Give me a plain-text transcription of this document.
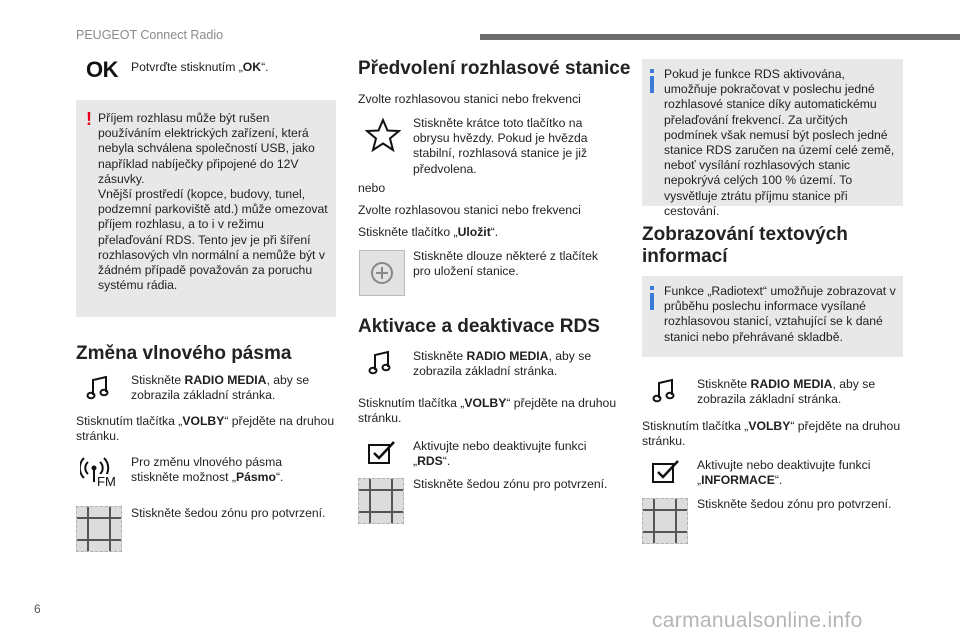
PEUGEOT Connect Radio
OK Potvrďte stisknutím „OK“.
! Příjem rozhlasu může být rušen používáním elektrických zařízení, která nebyla schválena společností USB, jako například nabíječky připojené do 12V zásuvky.
Vnější prostředí (kopce, budovy, tunel, podzemní parkoviště atd.) může omezovat příjem rozhlasu, a to i v režimu přelaďování RDS. Tento jev je při šíření rozhlasových vln normální a nemůže být v žádném případě považován za poruchu systému rádia.
Změna vlnového pásma
Stiskněte RADIO MEDIA, aby se zobrazila základní stránka.
Stisknutím tlačítka „VOLBY“ přejděte na druhou stránku.
FM
Pro změnu vlnového pásma stiskněte možnost „Pásmo“.
Stiskněte šedou zónu pro potvrzení.
Předvolení rozhlasové stanice
Zvolte rozhlasovou stanici nebo frekvenci
Stiskněte krátce toto tlačítko na obrysu hvězdy. Pokud je hvězda stabilní, rozhlasová stanice je již předvolena.
nebo
Zvolte rozhlasovou stanici nebo frekvenci
Stiskněte tlačítko „Uložit“.
Stiskněte dlouze některé z tlačítek pro uložení stanice.
Aktivace a deaktivace RDS
Stiskněte RADIO MEDIA, aby se zobrazila základní stránka.
Stisknutím tlačítka „VOLBY“ přejděte na druhou stránku.
Aktivujte nebo deaktivujte funkci „RDS“.
Stiskněte šedou zónu pro potvrzení.
Pokud je funkce RDS aktivována, umožňuje pokračovat v poslechu jedné rozhlasové stanice díky automatickému přelaďování frekvencí. Za určitých podmínek však nemusí být poslech jedné stanice RDS zaručen na území celé země, neboť vysílání rozhlasových stanic nepokrývá celých 100 % území. To vysvětluje ztrátu příjmu stanice při cestování.
Zobrazování textových informací
Funkce „Radiotext“ umožňuje zobrazovat v průběhu poslechu informace vysílané rozhlasovou stanicí, vztahující se k dané stanici nebo přehrávané skladbě.
Stiskněte RADIO MEDIA, aby se zobrazila základní stránka.
Stisknutím tlačítka „VOLBY“ přejděte na druhou stránku.
Aktivujte nebo deaktivujte funkci „INFORMACE“.
Stiskněte šedou zónu pro potvrzení.
6	carmanualsonline.info
